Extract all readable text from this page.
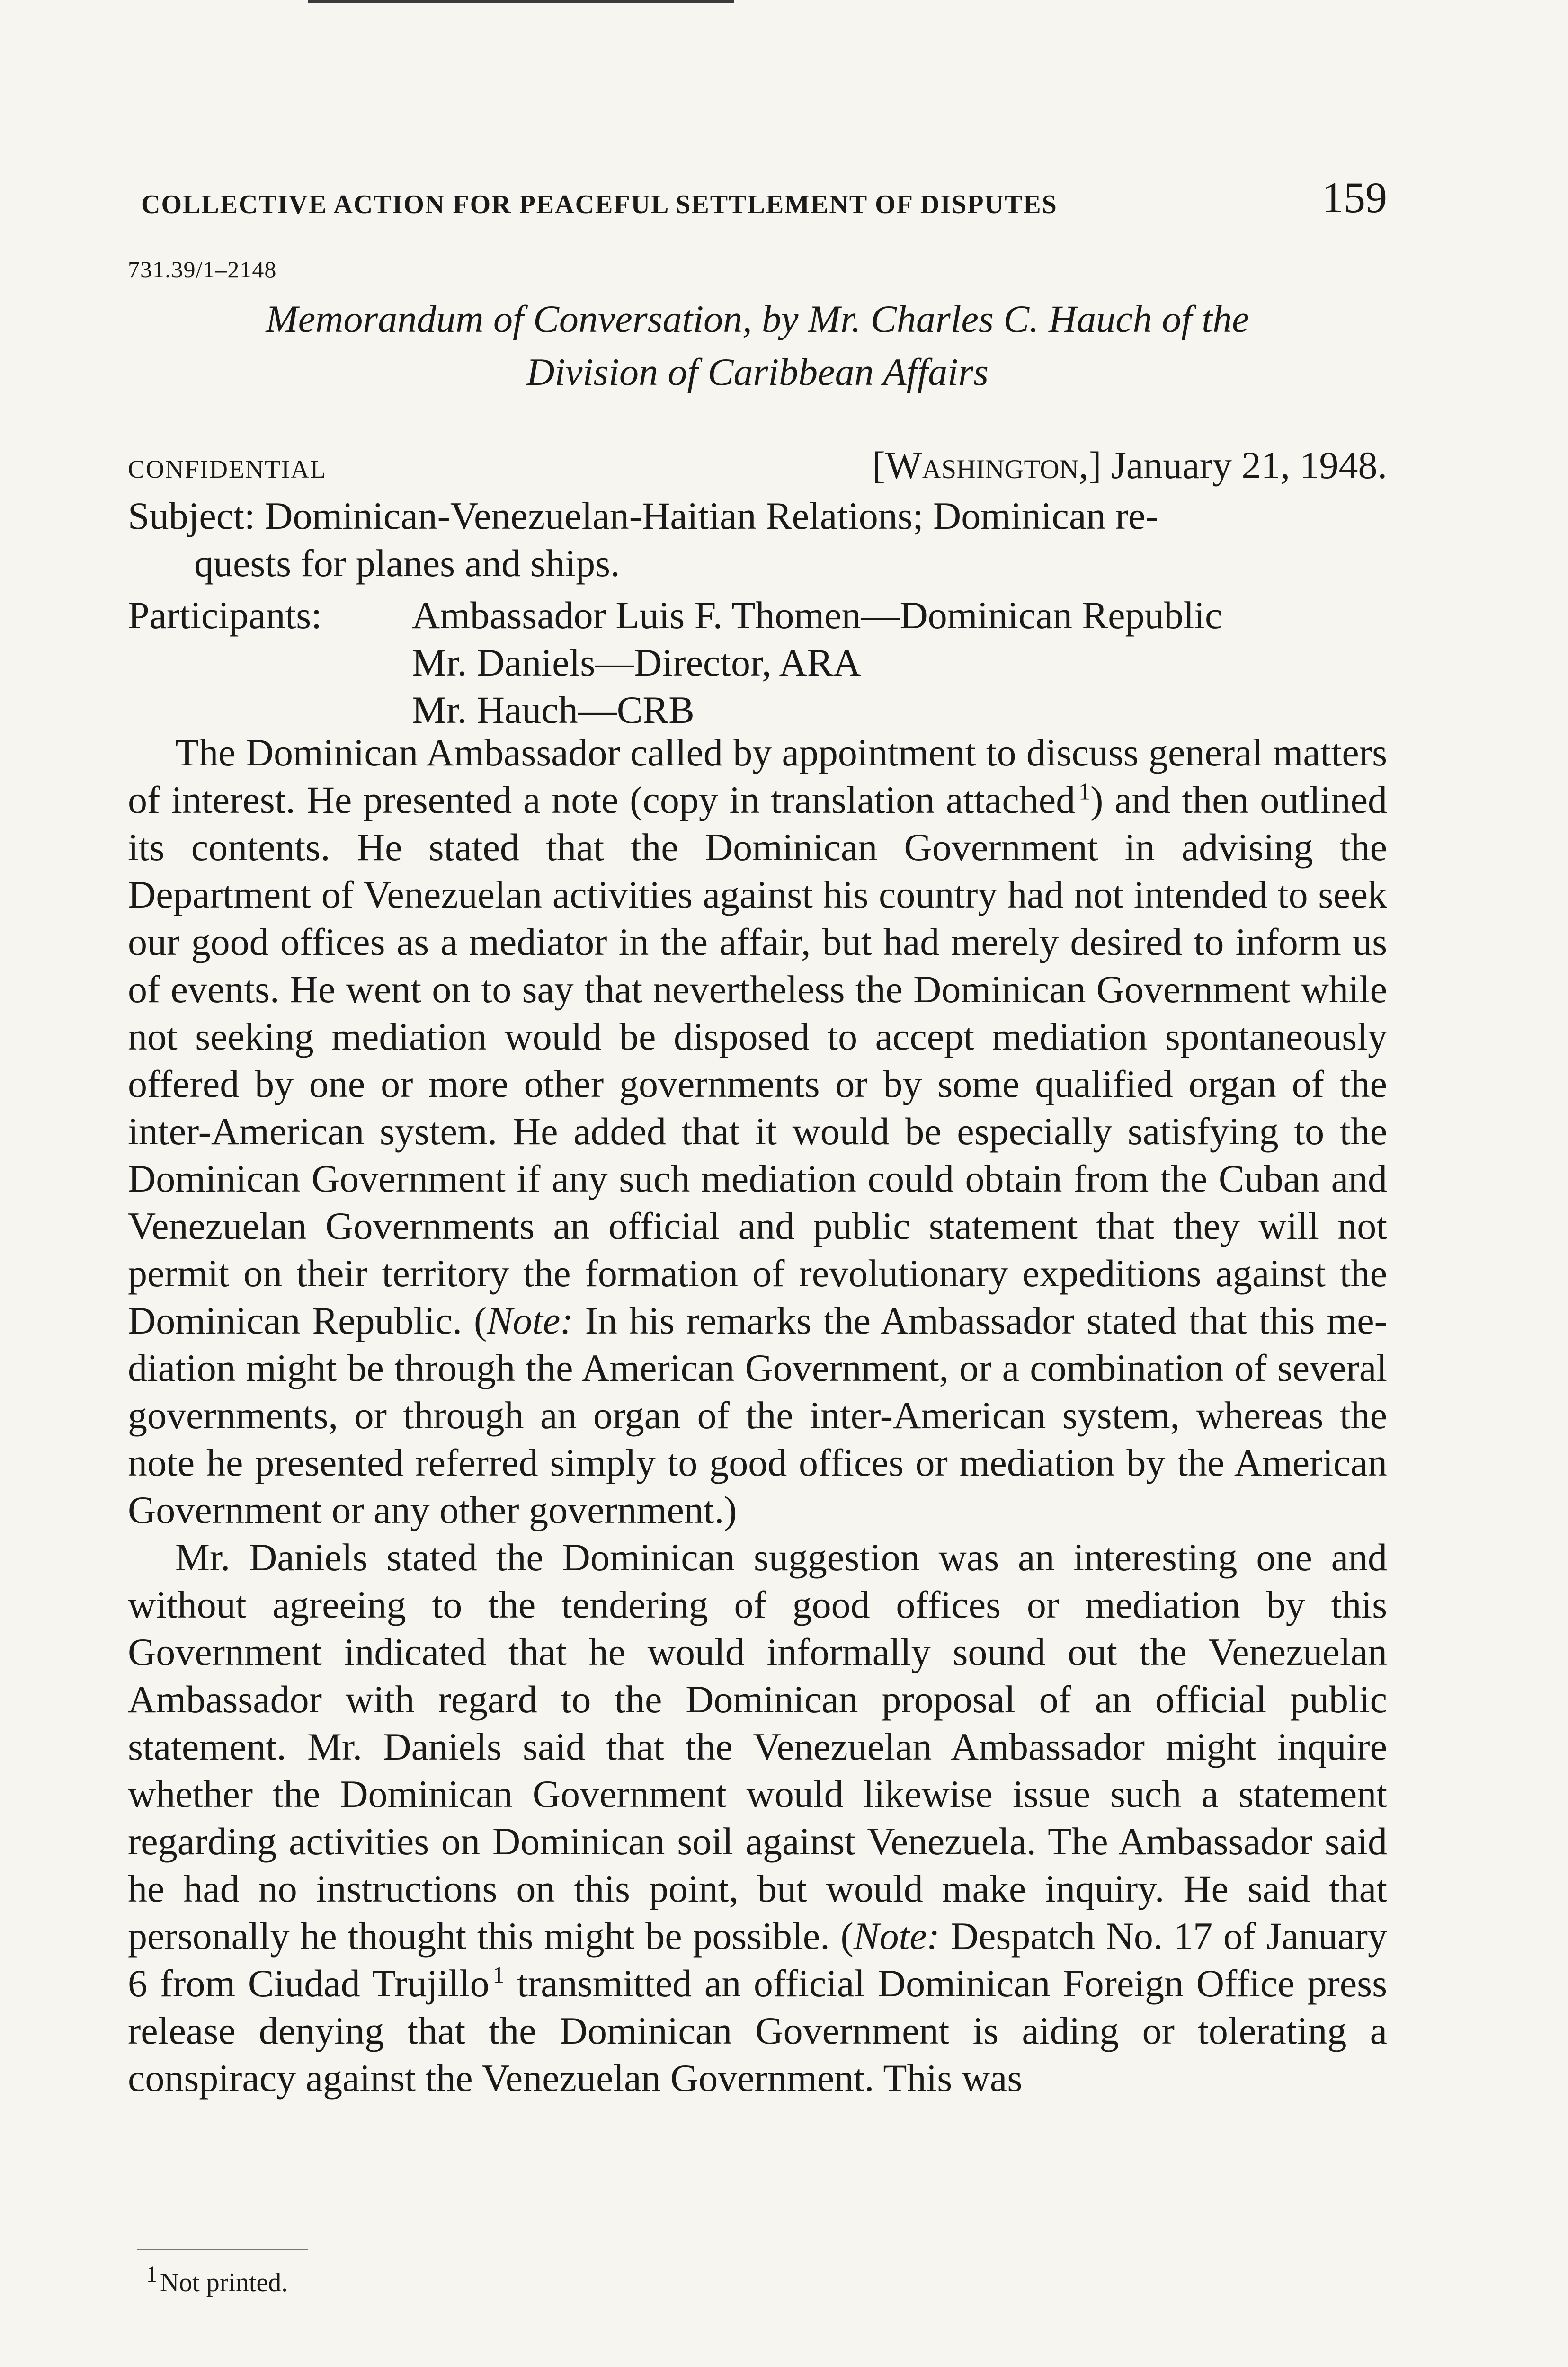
COLLECTIVE ACTION FOR PEACEFUL SETTLEMENT OF DISPUTES	159
731.39/1–2148
Memorandum of Conversation, by Mr. Charles C. Hauch of the
Division of Caribbean Affairs
CONFIDENTIAL	[Washington,] January 21, 1948.
Subject: Dominican-Venezuelan-Haitian Relations; Dominican re-
quests for planes and ships.
Participants: Ambassador Luis F. Thomen—Dominican Republic
Mr. Daniels—Director, ARA
Mr. Hauch—CRB

The Dominican Ambassador called by appointment to discuss general matters of interest. He presented a note (copy in translation attached  $^1$) and then outlined its contents. He stated that the Dominican Government in advising the Department of Venezuelan activities against his country had not intended to seek our good offices as a mediator in the affair, but had merely desired to inform us of events. He went on to say that nevertheless the Dominican Government while not seeking mediation would be disposed to accept mediation spontaneously offered by one or more other governments or by some qualified organ of the inter-American system. He added that it would be especially satisfying to the Dominican Government if any such mediation could obtain from the Cuban and Venezuelan Governments an official and public statement that they will not permit on their territory the formation of revolutionary expeditions against the Dominican Republic. (Note: In his remarks the Ambassador stated that this mediation might be through the American Government, or a combination of several governments, or through an organ of the inter-American system, whereas the note he presented referred simply to good offices or mediation by the American Government or any other government.)

Mr. Daniels stated the Dominican suggestion was an interesting one and without agreeing to the tendering of good offices or mediation by this Government indicated that he would informally sound out the Venezuelan Ambassador with regard to the Dominican proposal of an official public statement. Mr. Daniels said that the Venezuelan Ambassador might inquire whether the Dominican Government would likewise issue such a statement regarding activities on Dominican soil against Venezuela. The Ambassador said he had no instructions on this point, but would make inquiry. He said that personally he thought this might be possible. (Note: Despatch No. 17 of January 6 from Ciudad Trujillo  $^1$ transmitted an official Dominican Foreign Office press release denying that the Dominican Government is aiding or tolerating a conspiracy against the Venezuelan Government. This was

$^1$ Not printed.
